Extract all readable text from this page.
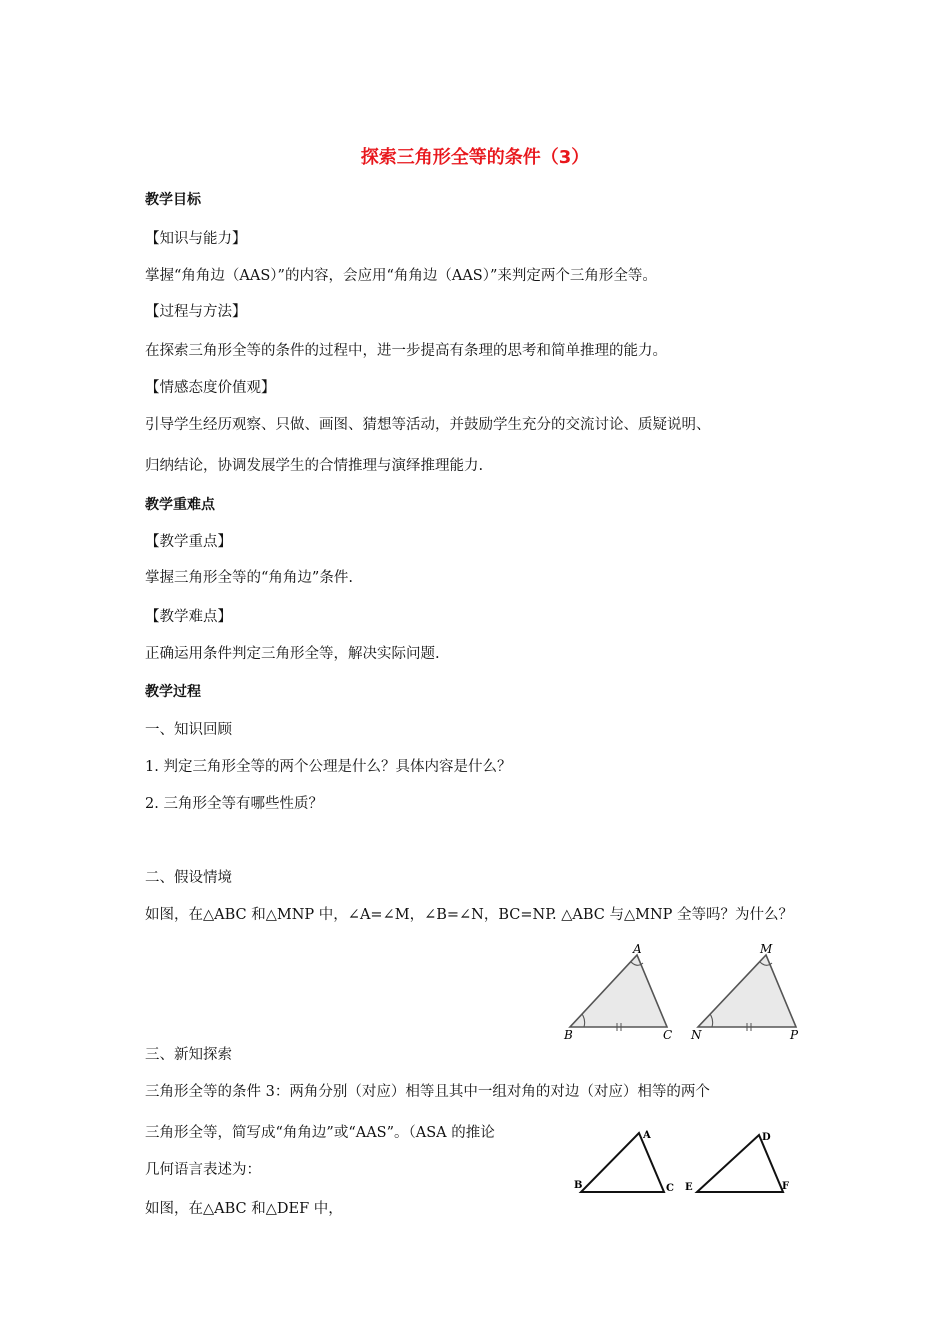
探索三角形全等的条件（3）
教学目标
【知识与能力】
掌握“角角边（AAS）”的内容，会应用“角角边（AAS）”来判定两个三角形全等。
【过程与方法】
在探索三角形全等的条件的过程中，进一步提高有条理的思考和简单推理的能力。
【情感态度价值观】
引导学生经历观察、只做、画图、猜想等活动，并鼓励学生充分的交流讨论、质疑说明、
归纳结论，协调发展学生的合情推理与演绎推理能力.
教学重难点
【教学重点】
掌握三角形全等的“角角边”条件.
【教学难点】
正确运用条件判定三角形全等，解决实际问题.
教学过程
一、知识回顾
1. 判定三角形全等的两个公理是什么？具体内容是什么？
2. 三角形全等有哪些性质？
二、假设情境
如图，在△ABC 和△MNP 中，∠A=∠M，∠B=∠N，BC=NP. △ABC 与△MNP 全等吗？为什么？
A
B	C
M
N	P
三、新知探索
三角形全等的条件 3：两角分别（对应）相等且其中一组对角的对边（对应）相等的两个
三角形全等，简写成“角角边”或“AAS”。（ASA 的推论
几何语言表述为：
如图，在△ABC 和△DEF 中，
A
B	C
D
E	F
